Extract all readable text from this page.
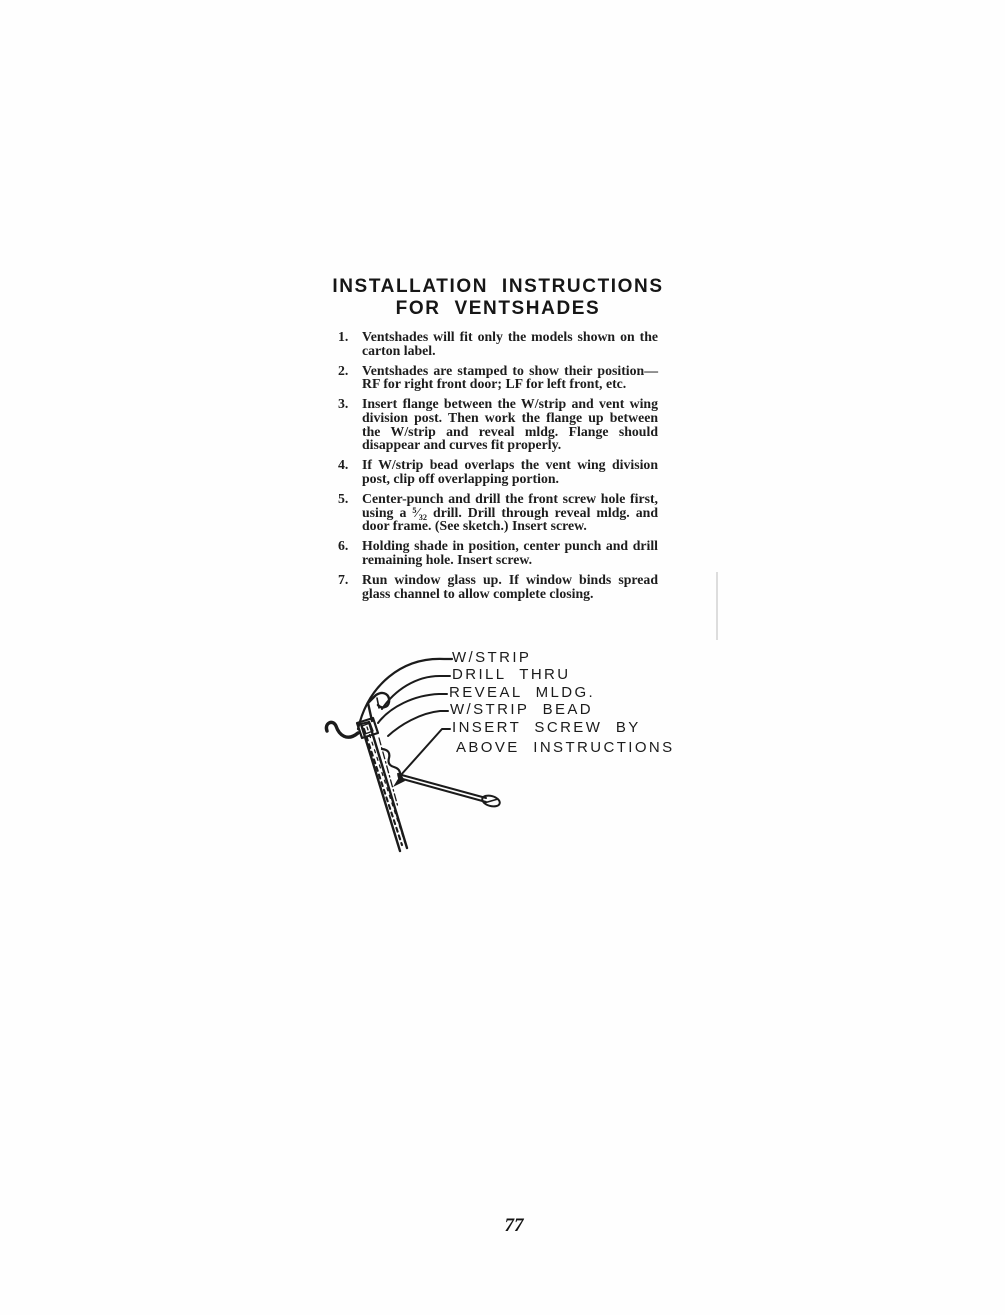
INSTALLATION INSTRUCTIONS
FOR VENTSHADES
1. Ventshades will fit only the models shown on the carton label.
2. Ventshades are stamped to show their position—RF for right front door; LF for left front, etc.
3. Insert flange between the W/strip and vent wing division post. Then work the flange up between the W/strip and reveal mldg. Flange should disappear and curves fit properly.
4. If W/strip bead overlaps the vent wing division post, clip off overlapping portion.
5. Center-punch and drill the front screw hole first, using a ⁵⁄₃₂ drill. Drill through reveal mldg. and door frame. (See sketch.) Insert screw.
6. Holding shade in position, center punch and drill remaining hole. Insert screw.
7. Run window glass up. If window binds spread glass channel to allow complete closing.
W/STRIP
DRILL THRU
REVEAL MLDG.
W/STRIP BEAD
INSERT SCREW BY
ABOVE INSTRUCTIONS
77
